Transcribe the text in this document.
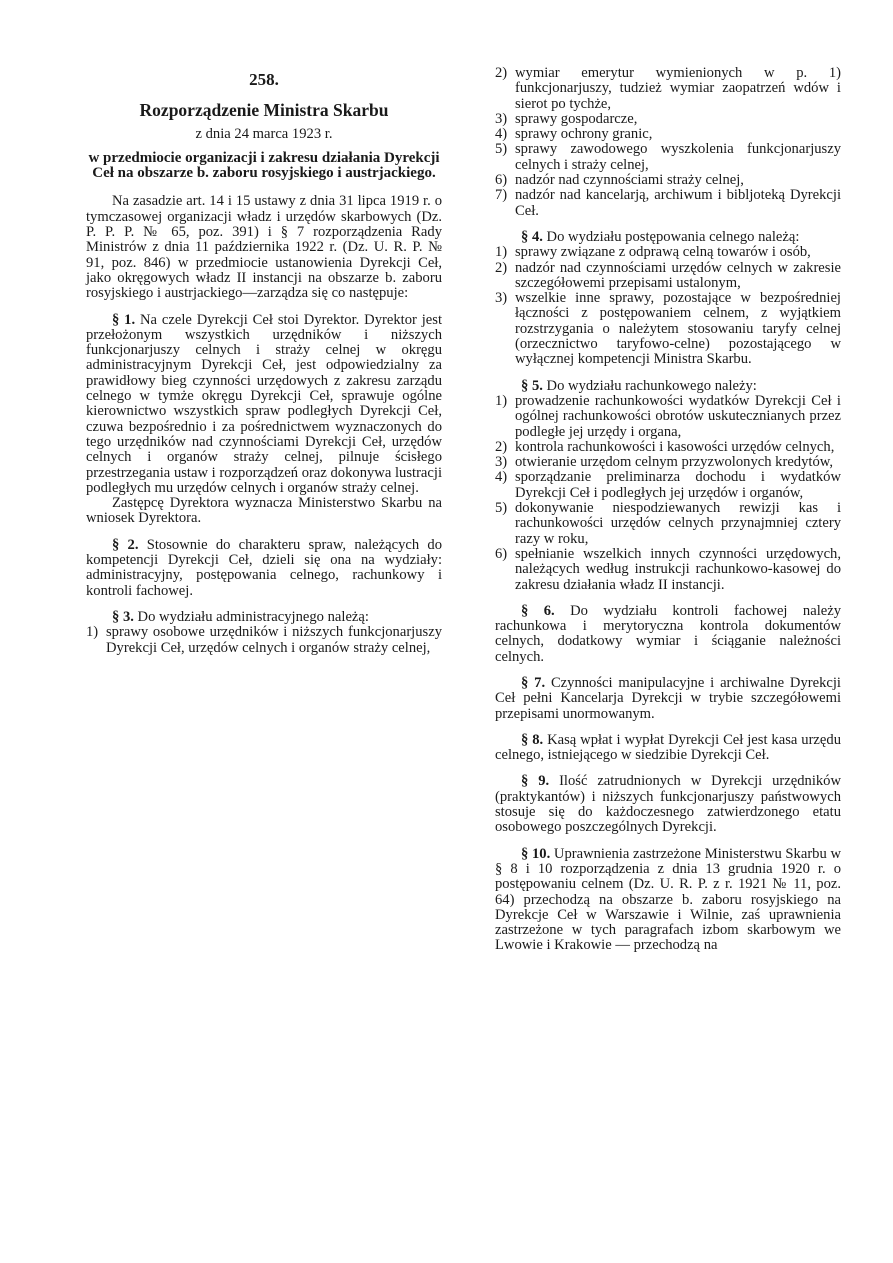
258.
Rozporządzenie Ministra Skarbu
z dnia 24 marca 1923 r.
w przedmiocie organizacji i zakresu działania Dyrekcji Ceł na obszarze b. zaboru rosyjskiego i austrjackiego.
Na zasadzie art. 14 i 15 ustawy z dnia 31 lipca 1919 r. o tymczasowej organizacji władz i urzędów skarbowych (Dz. P. P. P. № 65, poz. 391) i § 7 rozporządzenia Rady Ministrów z dnia 11 października 1922 r. (Dz. U. R. P. № 91, poz. 846) w przedmiocie ustanowienia Dyrekcji Ceł, jako okręgowych władz II instancji na obszarze b. zaboru rosyjskiego i austrjackiego—zarządza się co następuje:
§ 1. Na czele Dyrekcji Ceł stoi Dyrektor. Dyrektor jest przełożonym wszystkich urzędników i niższych funkcjonarjuszy celnych i straży celnej w okręgu administracyjnym Dyrekcji Ceł, jest odpowiedzialny za prawidłowy bieg czynności urzędowych z zakresu zarządu celnego w tymże okręgu Dyrekcji Ceł, sprawuje ogólne kierownictwo wszystkich spraw podległych Dyrekcji Ceł, czuwa bezpośrednio i za pośrednictwem wyznaczonych do tego urzędników nad czynnościami Dyrekcji Ceł, urzędów celnych i organów straży celnej, pilnuje ścisłego przestrzegania ustaw i rozporządzeń oraz dokonywa lustracji podległych mu urzędów celnych i organów straży celnej.
Zastępcę Dyrektora wyznacza Ministerstwo Skarbu na wniosek Dyrektora.
§ 2. Stosownie do charakteru spraw, należących do kompetencji Dyrekcji Ceł, dzieli się ona na wydziały: administracyjny, postępowania celnego, rachunkowy i kontroli fachowej.
§ 3. Do wydziału administracyjnego należą:
1) sprawy osobowe urzędników i niższych funkcjonarjuszy Dyrekcji Ceł, urzędów celnych i organów straży celnej,
2) wymiar emerytur wymienionych w p. 1) funkcjonarjuszy, tudzież wymiar zaopatrzeń wdów i sierot po tychże,
3) sprawy gospodarcze,
4) sprawy ochrony granic,
5) sprawy zawodowego wyszkolenia funkcjonarjuszy celnych i straży celnej,
6) nadzór nad czynnościami straży celnej,
7) nadzór nad kancelarją, archiwum i bibljoteką Dyrekcji Ceł.
§ 4. Do wydziału postępowania celnego należą:
1) sprawy związane z odprawą celną towarów i osób,
2) nadzór nad czynnościami urzędów celnych w zakresie szczegółowemi przepisami ustalonym,
3) wszelkie inne sprawy, pozostające w bezpośredniej łączności z postępowaniem celnem, z wyjątkiem rozstrzygania o należytem stosowaniu taryfy celnej (orzecznictwo taryfowo-celne) pozostającego w wyłącznej kompetencji Ministra Skarbu.
§ 5. Do wydziału rachunkowego należy:
1) prowadzenie rachunkowości wydatków Dyrekcji Ceł i ogólnej rachunkowości obrotów uskutecznianych przez podległe jej urzędy i organa,
2) kontrola rachunkowości i kasowości urzędów celnych,
3) otwieranie urzędom celnym przyzwolonych kredytów,
4) sporządzanie preliminarza dochodu i wydatków Dyrekcji Ceł i podległych jej urzędów i organów,
5) dokonywanie niespodziewanych rewizji kas i rachunkowości urzędów celnych przynajmniej cztery razy w roku,
6) spełnianie wszelkich innych czynności urzędowych, należących według instrukcji rachunkowo-kasowej do zakresu działania władz II instancji.
§ 6. Do wydziału kontroli fachowej należy rachunkowa i merytoryczna kontrola dokumentów celnych, dodatkowy wymiar i ściąganie należności celnych.
§ 7. Czynności manipulacyjne i archiwalne Dyrekcji Ceł pełni Kancelarja Dyrekcji w trybie szczegółowemi przepisami unormowanym.
§ 8. Kasą wpłat i wypłat Dyrekcji Ceł jest kasa urzędu celnego, istniejącego w siedzibie Dyrekcji Ceł.
§ 9. Ilość zatrudnionych w Dyrekcji urzędników (praktykantów) i niższych funkcjonarjuszy państwowych stosuje się do każdoczesnego zatwierdzonego etatu osobowego poszczególnych Dyrekcji.
§ 10. Uprawnienia zastrzeżone Ministerstwu Skarbu w § 8 i 10 rozporządzenia z dnia 13 grudnia 1920 r. o postępowaniu celnem (Dz. U. R. P. z r. 1921 № 11, poz. 64) przechodzą na obszarze b. zaboru rosyjskiego na Dyrekcje Ceł w Warszawie i Wilnie, zaś uprawnienia zastrzeżone w tych paragrafach izbom skarbowym we Lwowie i Krakowie — przechodzą na
